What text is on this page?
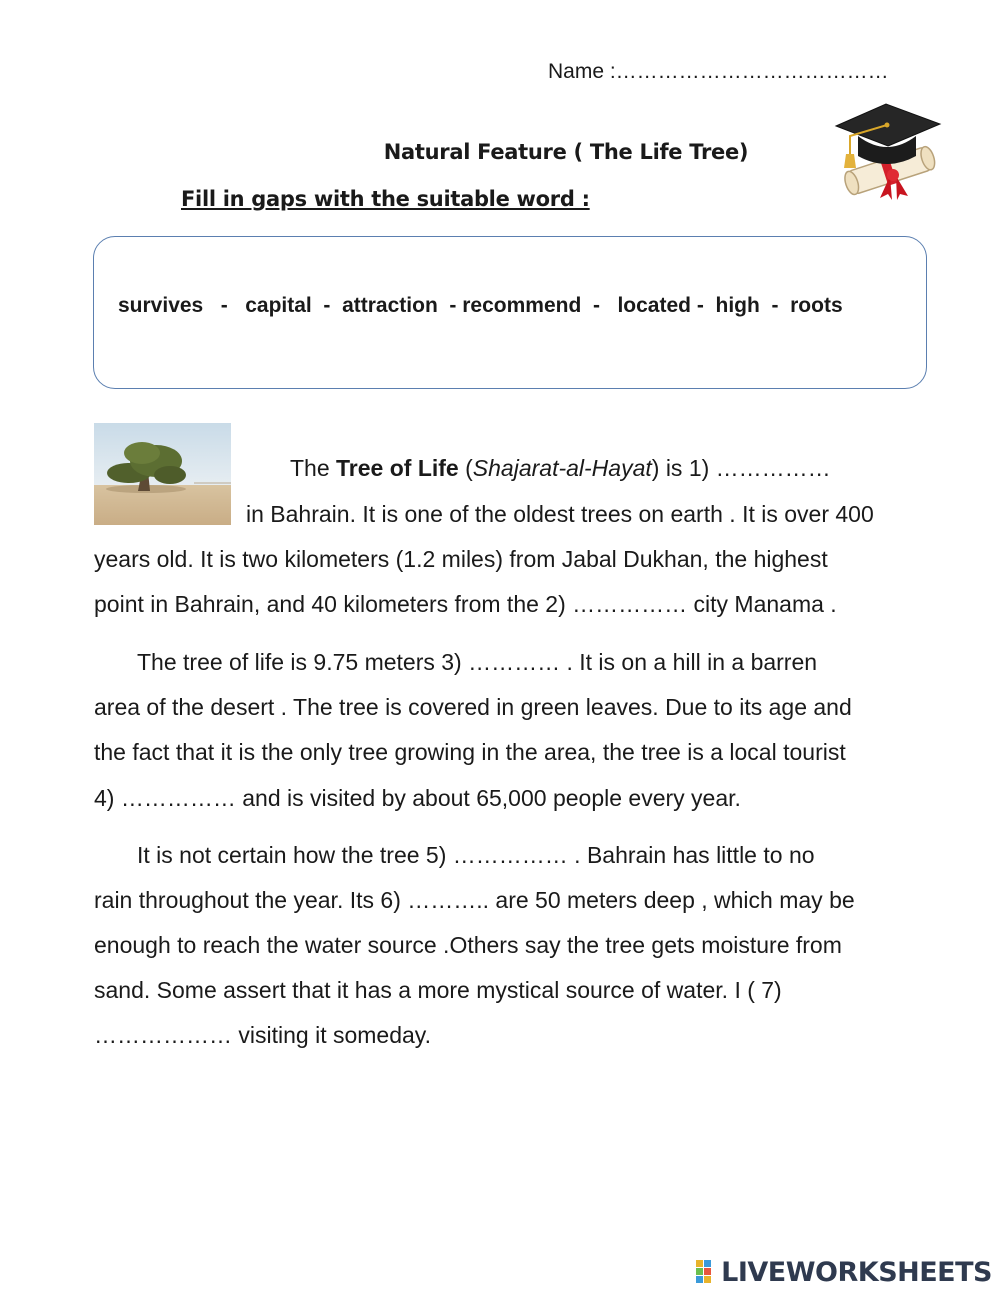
Name :…………………………………
Natural Feature ( The Life Tree)
Fill in gaps with the suitable word :
survives   -   capital  -  attraction  - recommend  -   located -  high  -  roots
The Tree of Life (Shajarat-al-Hayat) is 1) ……………
in Bahrain. It is one of the oldest trees on earth . It is over 400
years old. It is two kilometers (1.2 miles) from Jabal Dukhan, the highest
point in Bahrain, and 40 kilometers from the 2) …………… city Manama .
The tree of life is 9.75 meters 3) ………… . It is on a hill in a barren
area of the desert . The tree is covered in green leaves. Due to its age and
the fact that it is the only tree growing in the area, the tree is a local tourist
4) …………… and is visited by about 65,000 people every year.
It is not certain how the tree 5) …………… . Bahrain has little to no
rain throughout the year. Its 6) ……….. are 50 meters deep , which may be
enough to reach the water source .Others say the tree gets moisture from
sand. Some assert that it has a more mystical source of water. I ( 7)
……………… visiting it someday.
LIVEWORKSHEETS
